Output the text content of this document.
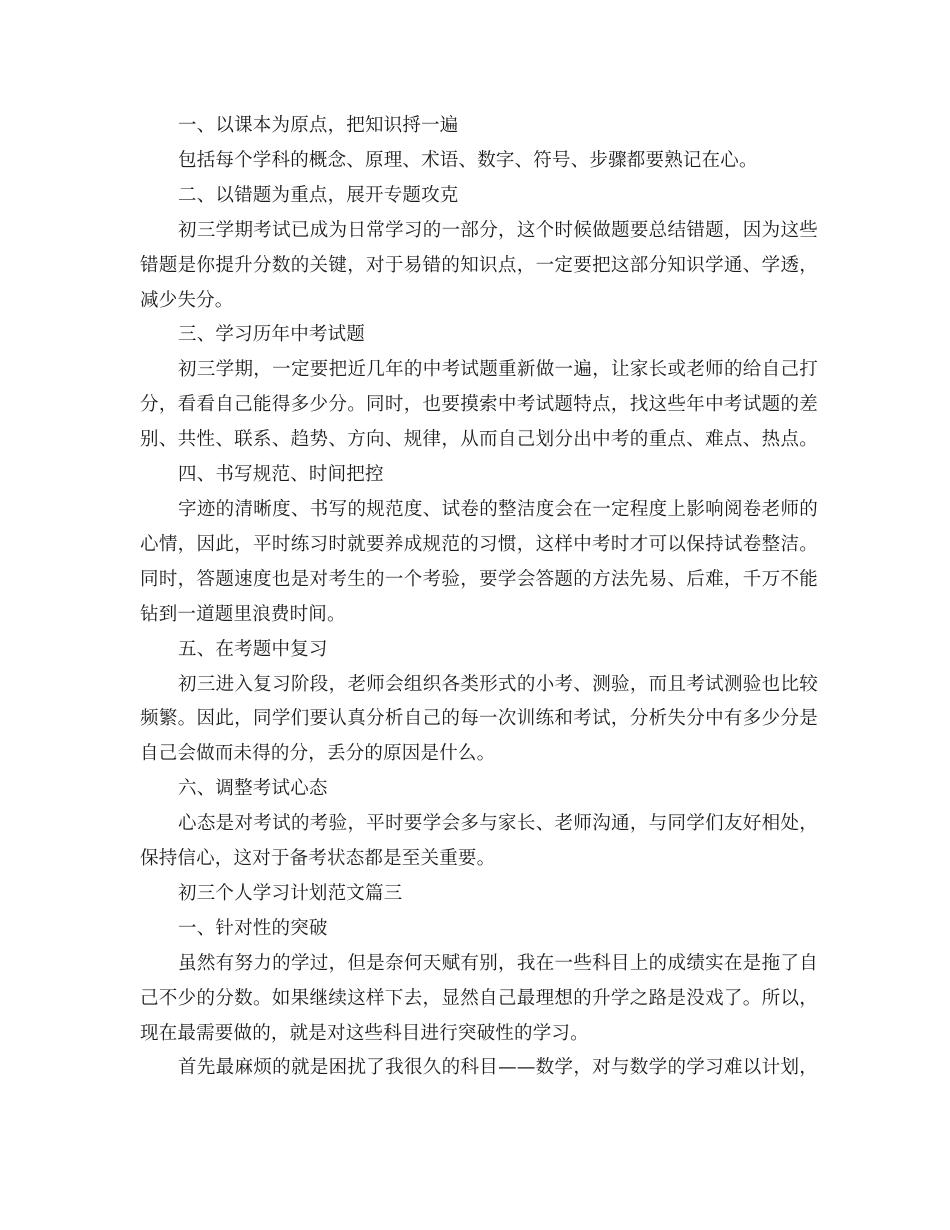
一、以课本为原点，把知识捋一遍

包括每个学科的概念、原理、术语、数字、符号、步骤都要熟记在心。

二、以错题为重点，展开专题攻克

初三学期考试已成为日常学习的一部分，这个时候做题要总结错题，因为这些

错题是你提升分数的关键，对于易错的知识点，一定要把这部分知识学通、学透，

减少失分。

三、学习历年中考试题

初三学期，一定要把近几年的中考试题重新做一遍，让家长或老师的给自己打

分，看看自己能得多少分。同时，也要摸索中考试题特点，找这些年中考试题的差

别、共性、联系、趋势、方向、规律，从而自己划分出中考的重点、难点、热点。

四、书写规范、时间把控

字迹的清晰度、书写的规范度、试卷的整洁度会在一定程度上影响阅卷老师的

心情，因此，平时练习时就要养成规范的习惯，这样中考时才可以保持试卷整洁。

同时，答题速度也是对考生的一个考验，要学会答题的方法先易、后难，千万不能

钻到一道题里浪费时间。

五、在考题中复习

初三进入复习阶段，老师会组织各类形式的小考、测验，而且考试测验也比较

频繁。因此，同学们要认真分析自己的每一次训练和考试，分析失分中有多少分是

自己会做而未得的分，丢分的原因是什么。

六、调整考试心态

心态是对考试的考验，平时要学会多与家长、老师沟通，与同学们友好相处，

保持信心，这对于备考状态都是至关重要。

初三个人学习计划范文篇三

一、针对性的突破

虽然有努力的学过，但是奈何天赋有别，我在一些科目上的成绩实在是拖了自

己不少的分数。如果继续这样下去，显然自己最理想的升学之路是没戏了。所以，

现在最需要做的，就是对这些科目进行突破性的学习。

首先最麻烦的就是困扰了我很久的科目——数学，对与数学的学习难以计划，
